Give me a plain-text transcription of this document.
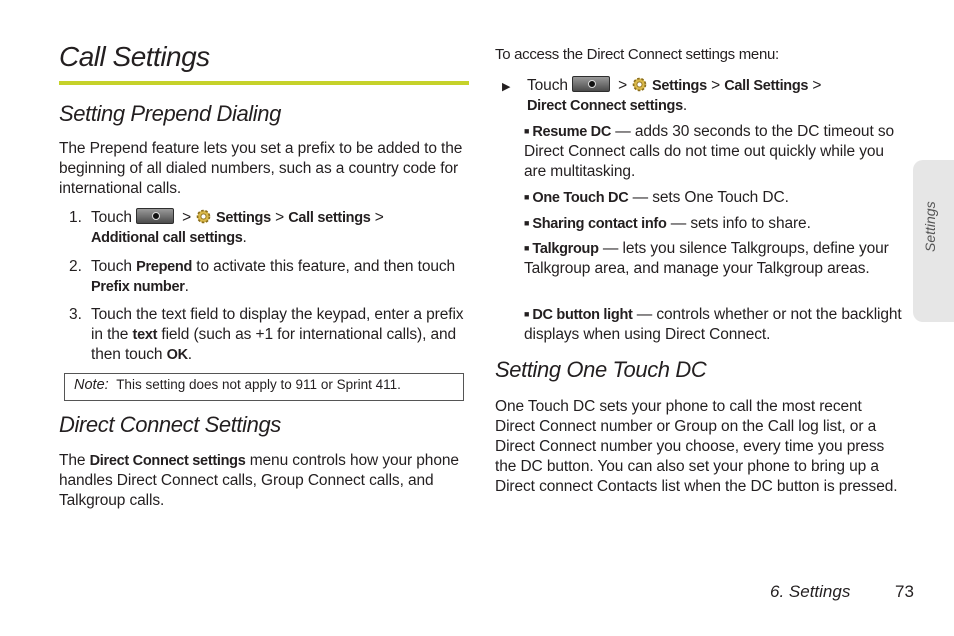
Call Settings
Setting Prepend Dialing
The Prepend feature lets you set a prefix to be added to the beginning of all dialed numbers, such as a country code for international calls.
1. Touch	> Settings > Call settings >
Additional call settings.
2. Touch Prepend to activate this feature, and then touch Prefix number.
3. Touch the text field to display the keypad, enter a prefix in the text field (such as +1 for international calls), and then touch OK.
Note: This setting does not apply to 911 or Sprint 411.
Direct Connect Settings
The Direct Connect settings menu controls how your phone handles Direct Connect calls, Group Connect calls, and Talkgroup calls.
To access the Direct Connect settings menu:
▶ Touch	> Settings > Call Settings >
Direct Connect settings.
■ Resume DC — adds 30 seconds to the DC timeout so Direct Connect calls do not time out quickly while you are multitasking.
■ One Touch DC — sets One Touch DC.
■ Sharing contact info — sets info to share.
■ Talkgroup — lets you silence Talkgroups, define your Talkgroup area, and manage your Talkgroup areas.
■ DC button light — controls whether or not the backlight displays when using Direct Connect.
Setting One Touch DC
One Touch DC sets your phone to call the most recent Direct Connect number or Group on the Call log list, or a Direct Connect number you choose, every time you press the DC button. You can also set your phone to bring up a Direct connect Contacts list when the DC button is pressed.
Settings
6. Settings	73
